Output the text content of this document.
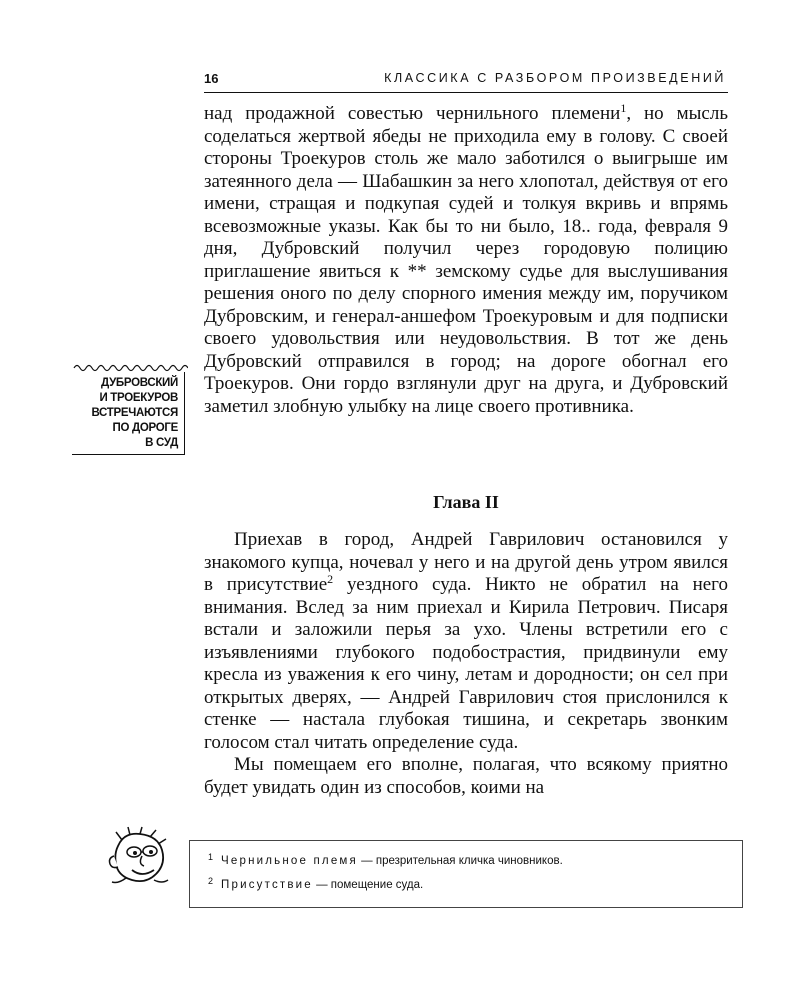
16	КЛАССИКА С РАЗБОРОМ ПРОИЗВЕДЕНИЙ

над продажной совестью чернильного племени$^1$, но мысль соделаться жертвой ябеды не приходила ему в голову. С своей стороны Троекуров столь же мало заботился о выигрыше им затеянного дела — Шабашкин за него хлопотал, действуя от его имени, стращая и подкупая судей и толкуя вкривь и впрямь всевозможные указы. Как бы то ни было, 18.. года, февраля 9 дня, Дубровский получил через городовую полицию приглашение явиться к ** земскому судье для выслушивания решения оного по делу спорного имения между им, поручиком Дубровским, и генерал-аншефом Троекуровым и для подписки своего удовольствия или неудовольствия. В тот же день Дубровский отправился в город; на дороге обогнал его Троекуров. Они гордо взглянули друг на друга, и Дубровский заметил злобную улыбку на лице своего противника.

ДУБРОВСКИЙ
И ТРОЕКУРОВ
ВСТРЕЧАЮТСЯ
ПО ДОРОГЕ
В СУД
Глава II

Приехав в город, Андрей Гаврилович остановился у знакомого купца, ночевал у него и на другой день утром явился в присутствие$^2$ уездного суда. Никто не обратил на него внимания. Вслед за ним приехал и Кирила Петрович. Писаря встали и заложили перья за ухо. Члены встретили его с изъявлениями глубокого подобострастия, придвинули ему кресла из уважения к его чину, летам и дородности; он сел при открытых дверях, — Андрей Гаврилович стоя прислонился к стенке — настала глубокая тишина, и секретарь звонким голосом стал читать определение суда.

Мы помещаем его вполне, полагая, что всякому приятно будет увидать один из способов, коими на

$^1$ Чернильное племя — презрительная кличка чиновников.
$^2$ Присутствие — помещение суда.
